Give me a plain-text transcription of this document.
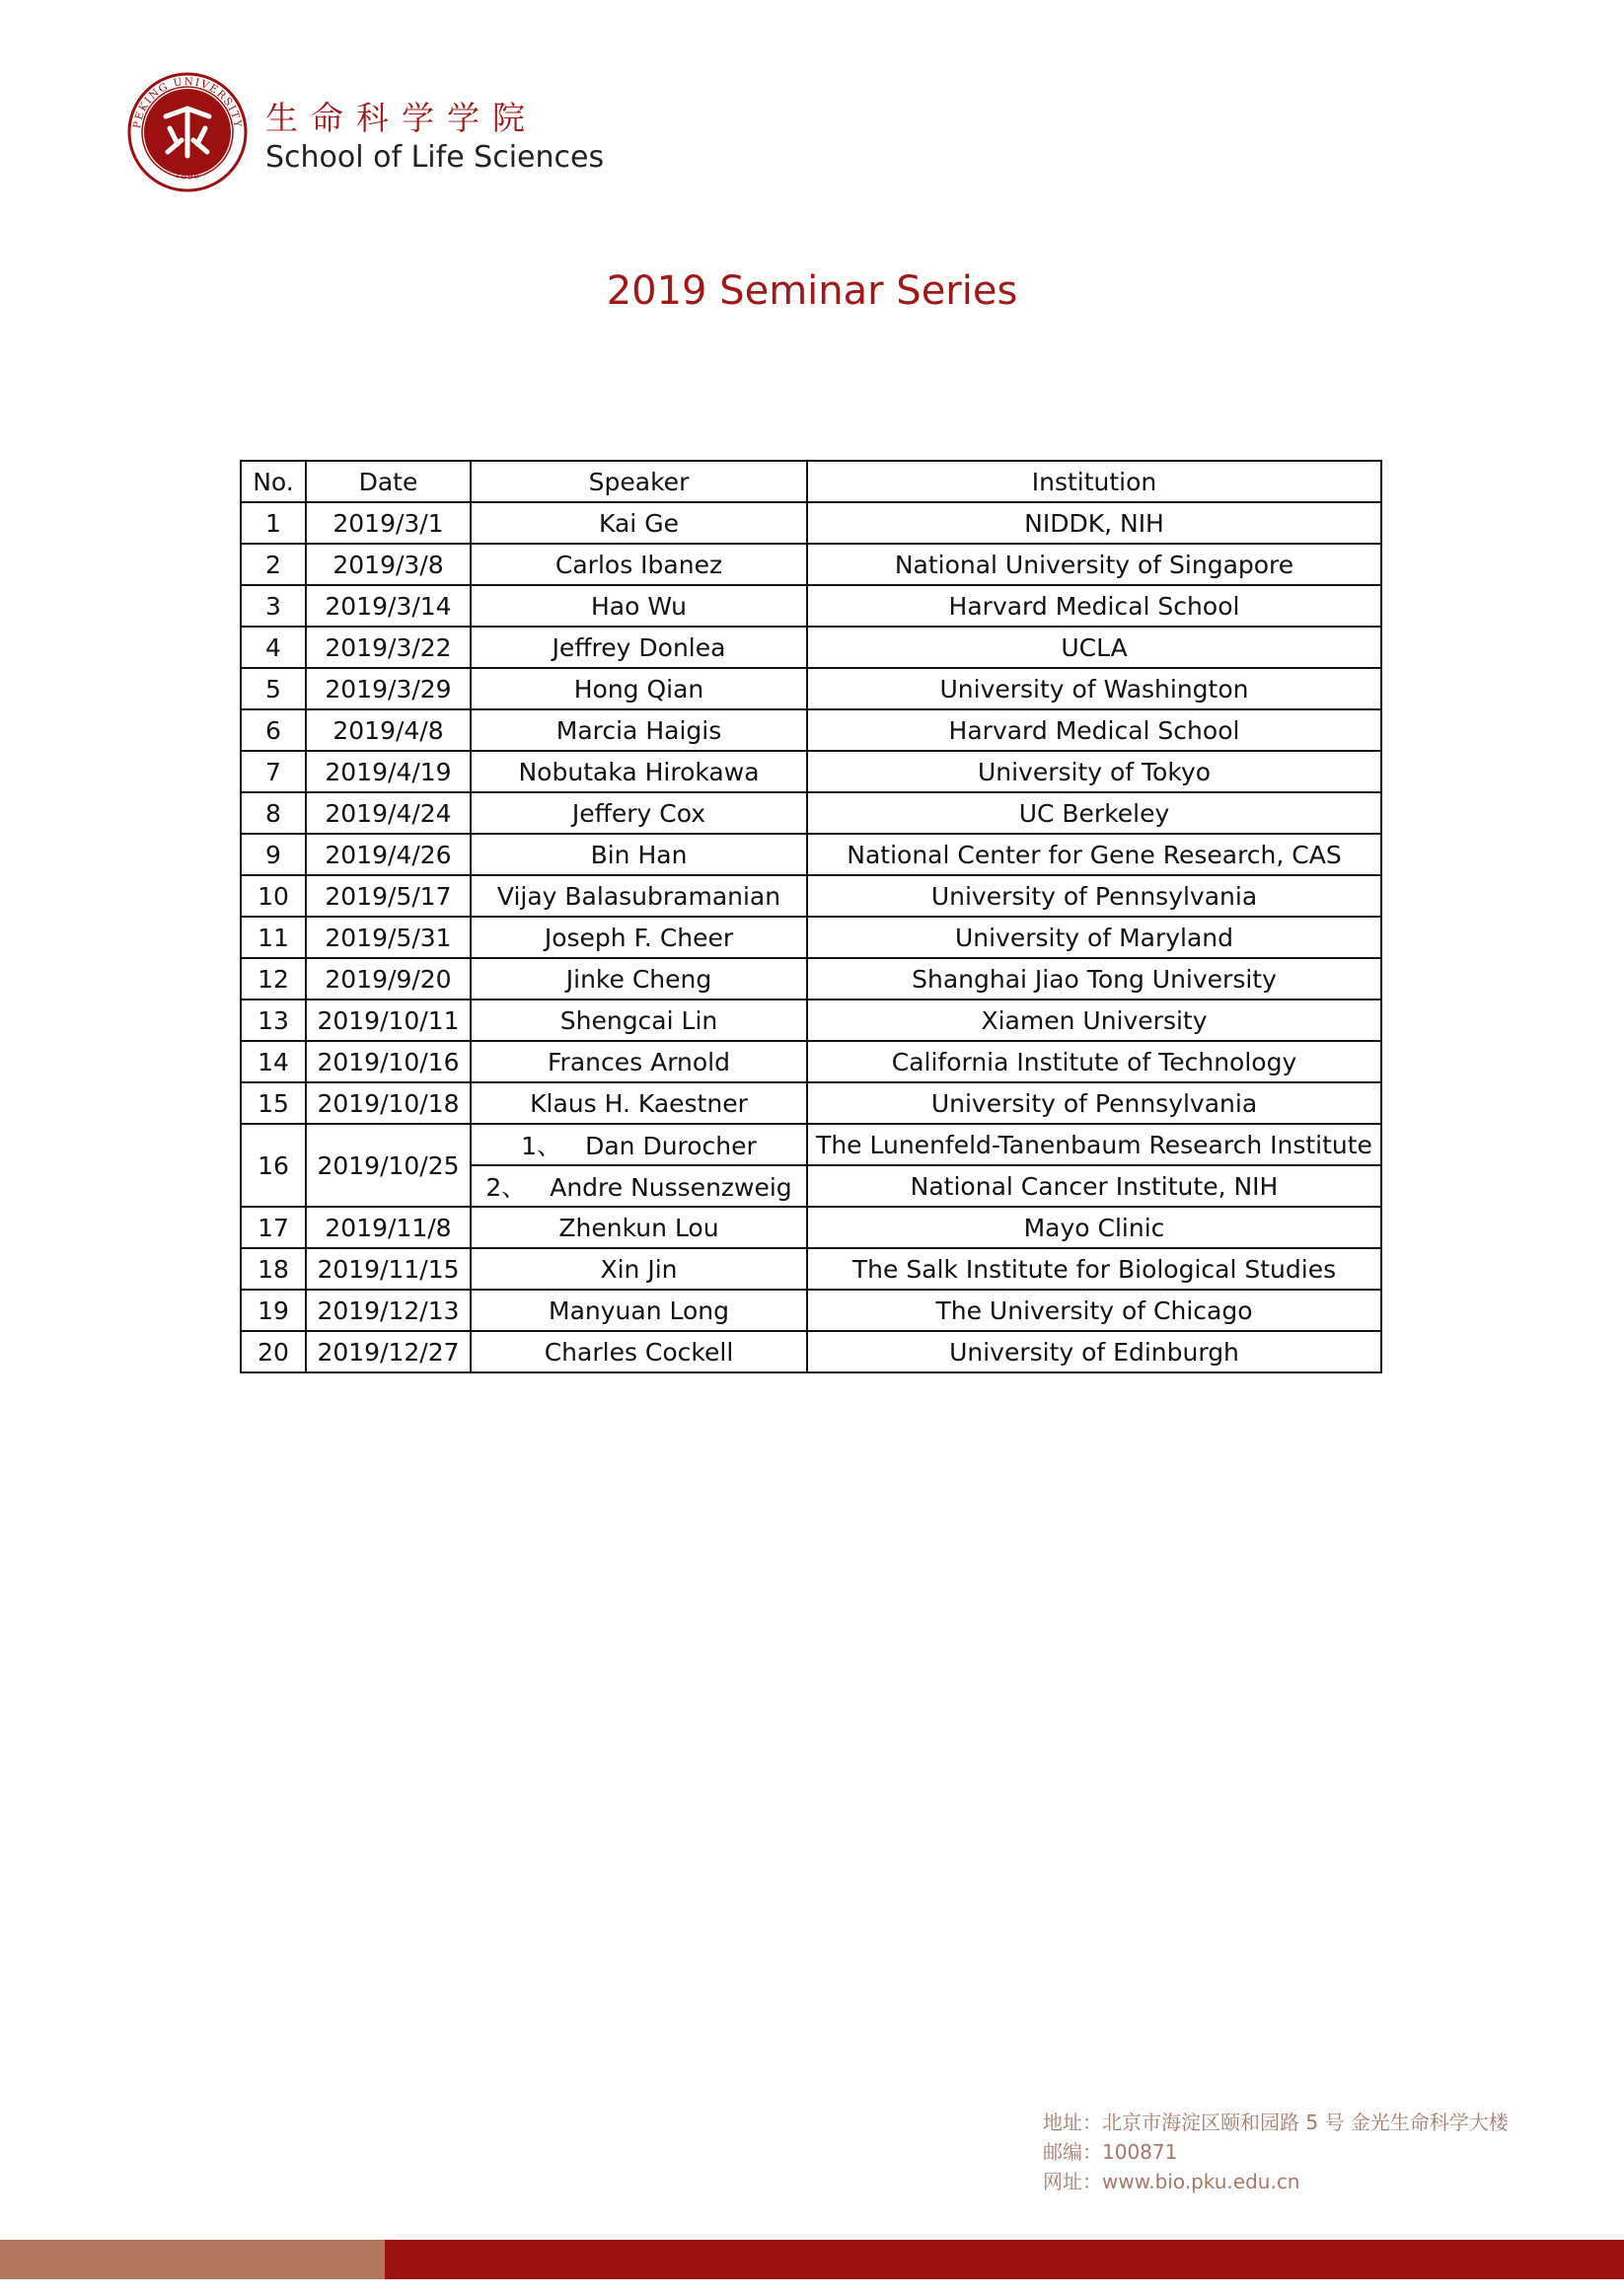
PEKING UNIVERSITY
1898
生命科学学院
School of Life Sciences
2019 Seminar Series
No.	Date	Speaker	Institution
1	2019/3/1	Kai Ge	NIDDK, NIH
2	2019/3/8	Carlos Ibanez	National University of Singapore
3	2019/3/14	Hao Wu	Harvard Medical School
4	2019/3/22	Jeffrey Donlea	UCLA
5	2019/3/29	Hong Qian	University of Washington
6	2019/4/8	Marcia Haigis	Harvard Medical School
7	2019/4/19	Nobutaka Hirokawa	University of Tokyo
8	2019/4/24	Jeffery Cox	UC Berkeley
9	2019/4/26	Bin Han	National Center for Gene Research, CAS
10	2019/5/17	Vijay Balasubramanian	University of Pennsylvania
11	2019/5/31	Joseph F. Cheer	University of Maryland
12	2019/9/20	Jinke Cheng	Shanghai Jiao Tong University
13	2019/10/11	Shengcai Lin	Xiamen University
14	2019/10/16	Frances Arnold	California Institute of Technology
15	2019/10/18	Klaus H. Kaestner	University of Pennsylvania
16	2019/10/25	1、 Dan Durocher	The Lunenfeld-Tanenbaum Research Institute
		2、 Andre Nussenzweig	National Cancer Institute, NIH
17	2019/11/8	Zhenkun Lou	Mayo Clinic
18	2019/11/15	Xin Jin	The Salk Institute for Biological Studies
19	2019/12/13	Manyuan Long	The University of Chicago
20	2019/12/27	Charles Cockell	University of Edinburgh
地址：北京市海淀区颐和园路 5 号 金光生命科学大楼
邮编：100871
网址：www.bio.pku.edu.cn
